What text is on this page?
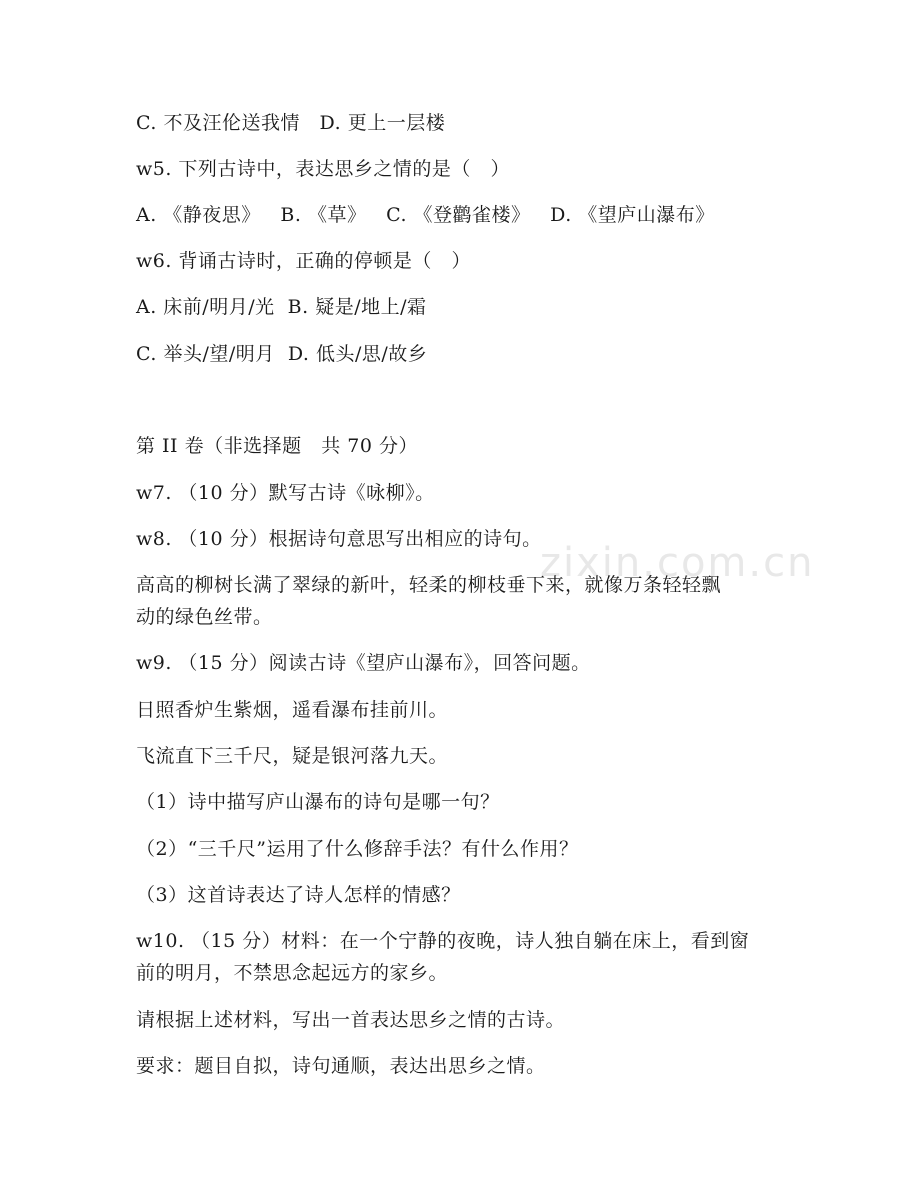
zixin.com.cn
C. 不及汪伦送我情   D. 更上一层楼
w5. 下列古诗中，表达思乡之情的是（   ）
A. 《静夜思》   B. 《草》   C. 《登鹳雀楼》   D. 《望庐山瀑布》
w6. 背诵古诗时，正确的停顿是（   ）
A. 床前/明月/光  B. 疑是/地上/霜
C. 举头/望/明月  D. 低头/思/故乡
第 II 卷（非选择题   共 70 分）
w7. （10 分）默写古诗《咏柳》。
w8. （10 分）根据诗句意思写出相应的诗句。
高高的柳树长满了翠绿的新叶，轻柔的柳枝垂下来，就像万条轻轻飘
动的绿色丝带。
w9. （15 分）阅读古诗《望庐山瀑布》，回答问题。
日照香炉生紫烟，遥看瀑布挂前川。
飞流直下三千尺，疑是银河落九天。
（1）诗中描写庐山瀑布的诗句是哪一句？
（2）“三千尺”运用了什么修辞手法？有什么作用？
（3）这首诗表达了诗人怎样的情感？
w10. （15 分）材料：在一个宁静的夜晚，诗人独自躺在床上，看到窗
前的明月，不禁思念起远方的家乡。
请根据上述材料，写出一首表达思乡之情的古诗。
要求：题目自拟，诗句通顺，表达出思乡之情。
